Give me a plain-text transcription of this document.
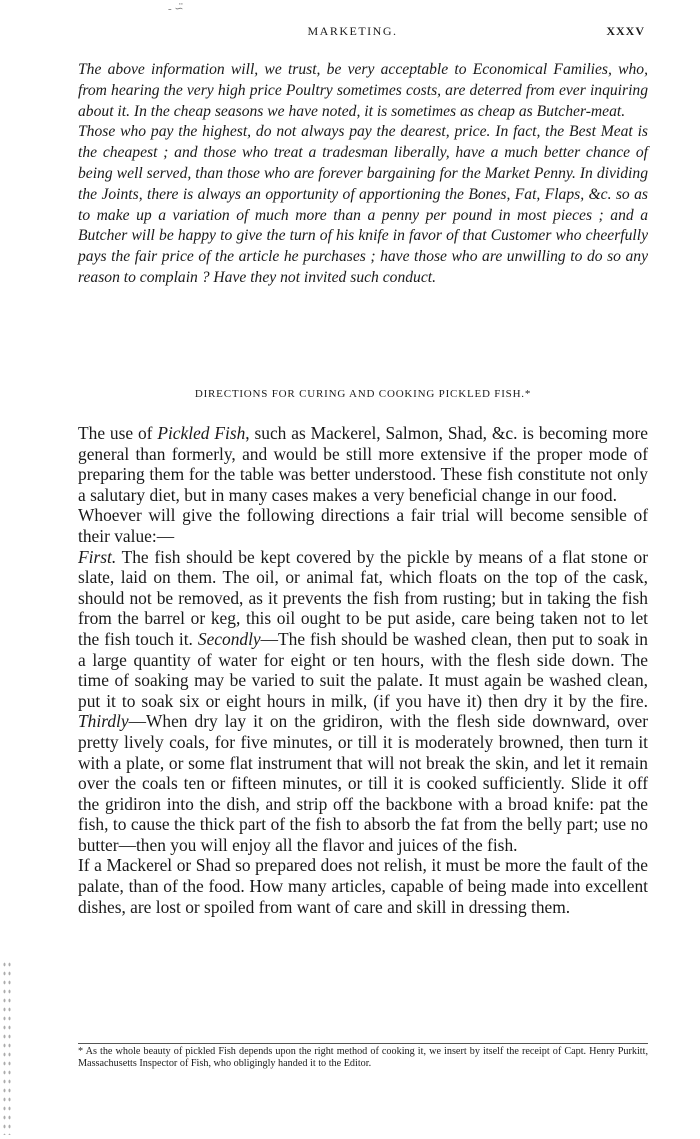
- ∽̈
MARKETING.	XXXV

The above information will, we trust, be very acceptable to Economical Families, who, from hearing the very high price Poultry sometimes costs, are deterred from ever inquiring about it. In the cheap seasons we have noted, it is sometimes as cheap as Butcher-meat.

Those who pay the highest, do not always pay the dearest, price. In fact, the Best Meat is the cheapest ; and those who treat a tradesman liberally, have a much better chance of being well served, than those who are forever bargaining for the Market Penny. In dividing the Joints, there is always an opportunity of apportioning the Bones, Fat, Flaps, &c. so as to make up a variation of much more than a penny per pound in most pieces ; and a Butcher will be happy to give the turn of his knife in favor of that Customer who cheerfully pays the fair price of the article he purchases ; have those who are unwilling to do so any reason to complain ? Have they not invited such conduct.

DIRECTIONS FOR CURING AND COOKING PICKLED FISH.*

The use of Pickled Fish, such as Mackerel, Salmon, Shad, &c. is becoming more general than formerly, and would be still more extensive if the proper mode of preparing them for the table was better understood. These fish constitute not only a salutary diet, but in many cases makes a very beneficial change in our food.

Whoever will give the following directions a fair trial will become sensible of their value:—

First. The fish should be kept covered by the pickle by means of a flat stone or slate, laid on them. The oil, or animal fat, which floats on the top of the cask, should not be removed, as it prevents the fish from rusting; but in taking the fish from the barrel or keg, this oil ought to be put aside, care being taken not to let the fish touch it. Secondly—The fish should be washed clean, then put to soak in a large quantity of water for eight or ten hours, with the flesh side down. The time of soaking may be varied to suit the palate. It must again be washed clean, put it to soak six or eight hours in milk, (if you have it) then dry it by the fire. Thirdly—When dry lay it on the gridiron, with the flesh side downward, over pretty lively coals, for five minutes, or till it is moderately browned, then turn it with a plate, or some flat instrument that will not break the skin, and let it remain over the coals ten or fifteen minutes, or till it is cooked sufficiently. Slide it off the gridiron into the dish, and strip off the backbone with a broad knife: pat the fish, to cause the thick part of the fish to absorb the fat from the belly part; use no butter—then you will enjoy all the flavor and juices of the fish.

If a Mackerel or Shad so prepared does not relish, it must be more the fault of the palate, than of the food. How many articles, capable of being made into excellent dishes, are lost or spoiled from want of care and skill in dressing them.

* As the whole beauty of pickled Fish depends upon the right method of cooking it, we insert by itself the receipt of Capt. Henry Purkitt, Massachusetts Inspector of Fish, who obligingly handed it to the Editor.
